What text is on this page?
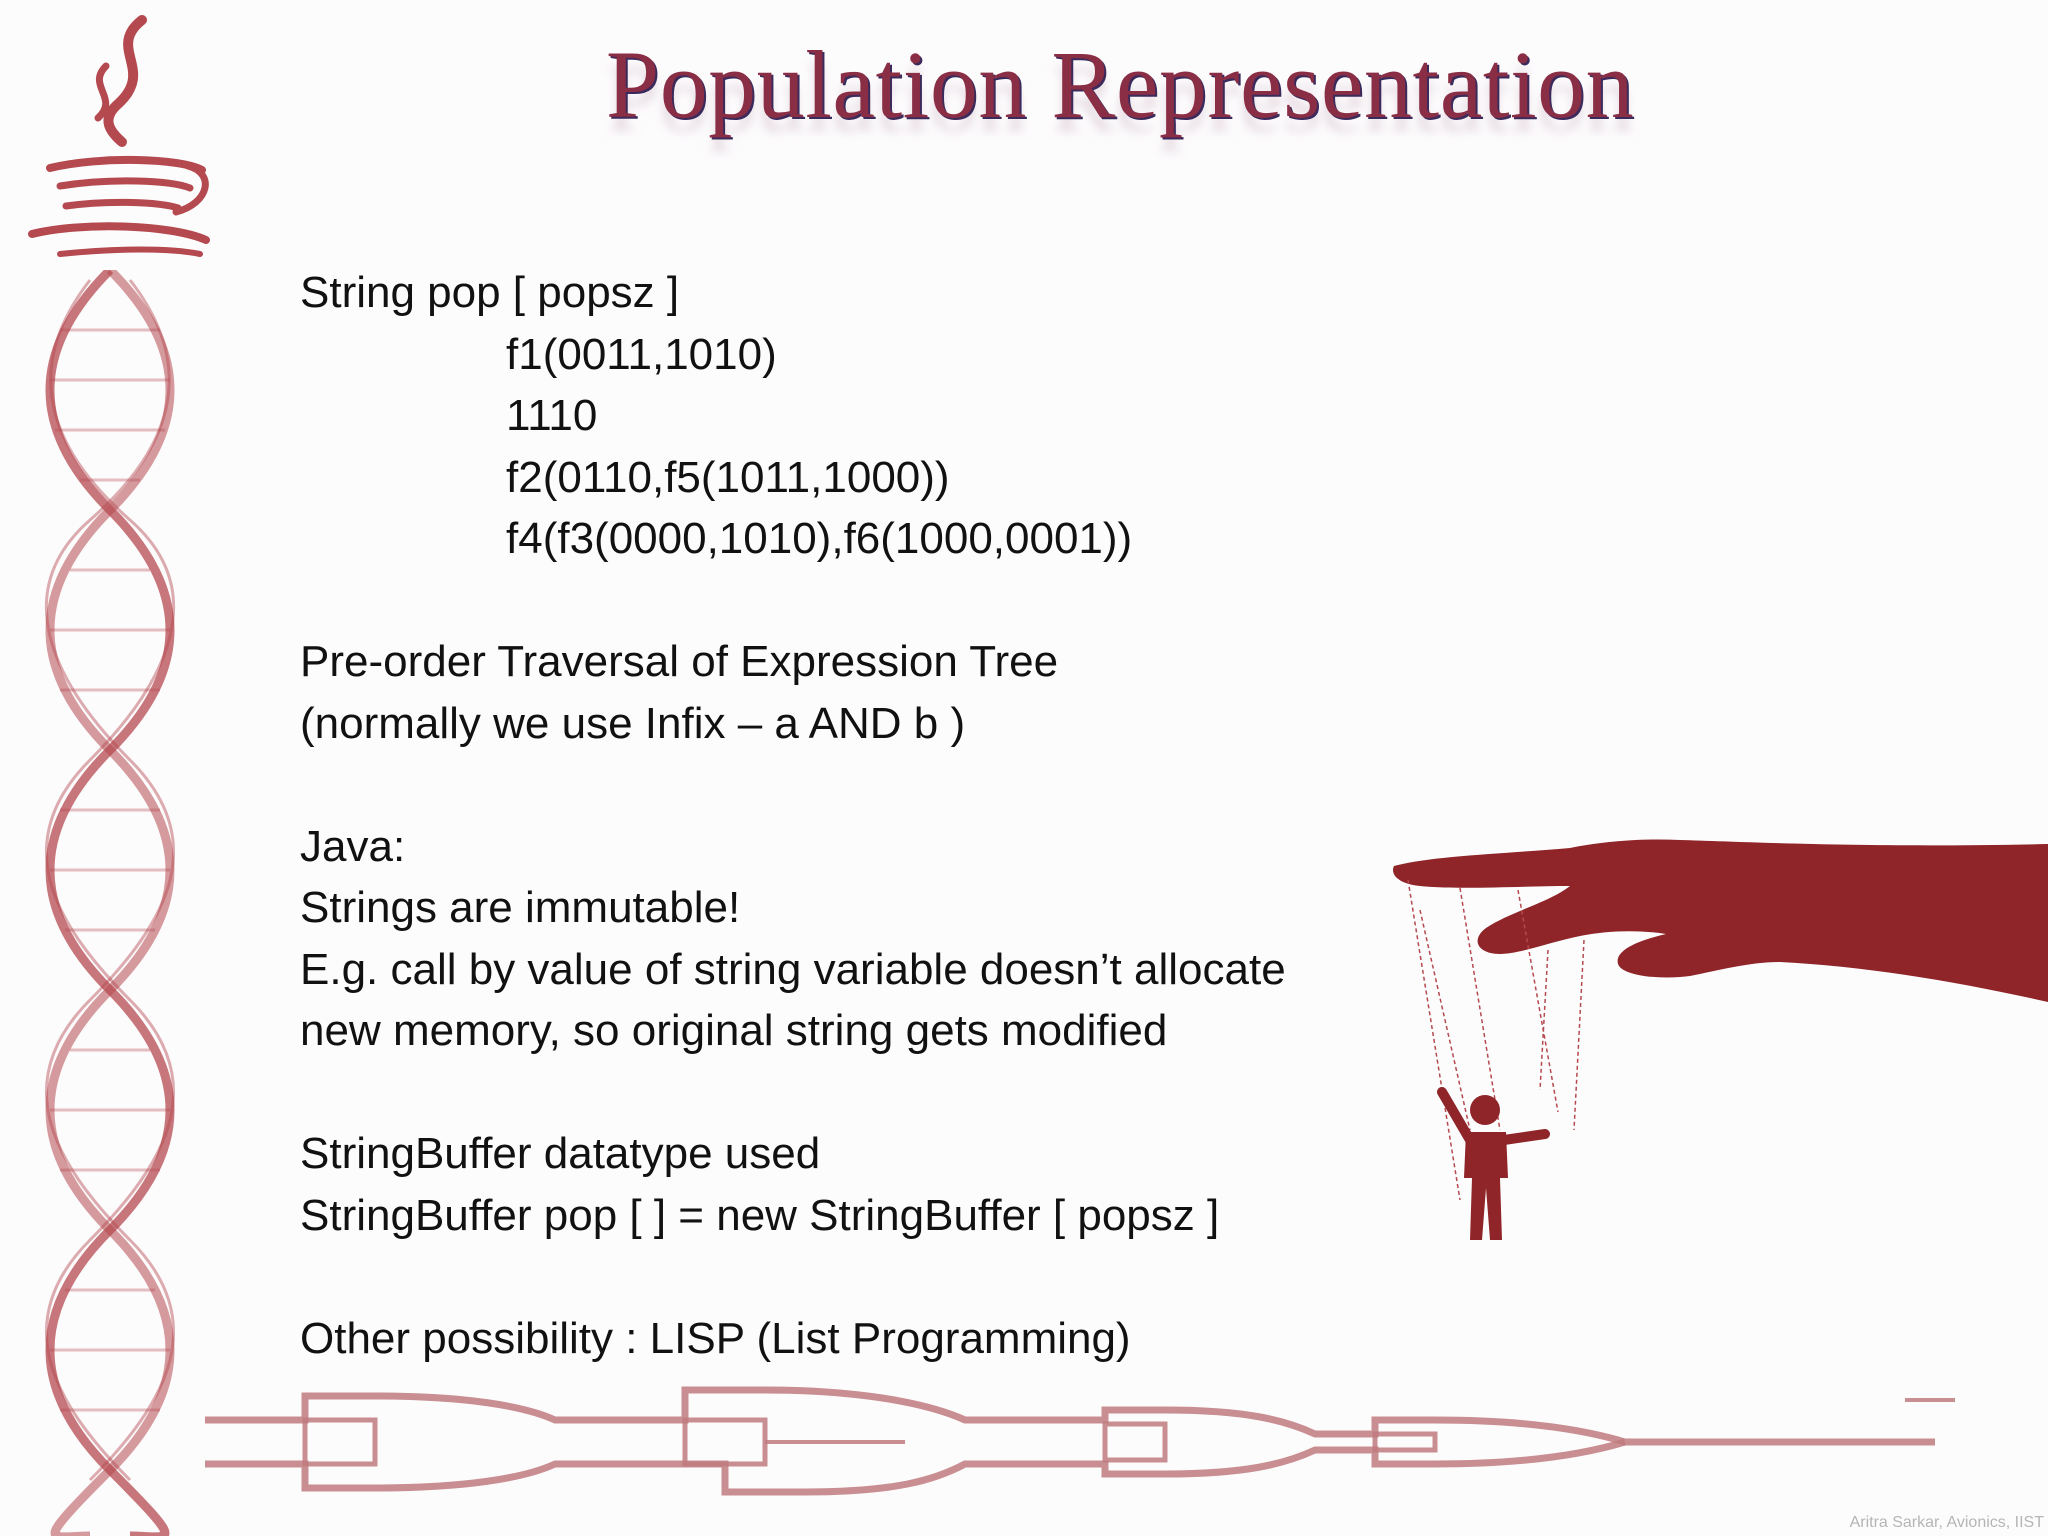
Population Representation
String pop [ popsz ]
f1(0011,1010)
1110
f2(0110,f5(1011,1000))
f4(f3(0000,1010),f6(1000,0001))
Pre-order Traversal of Expression Tree
(normally we use Infix – a AND b )
Java:
Strings are immutable!
E.g. call by value of string variable doesn’t allocate
new memory, so original string gets modified
StringBuffer datatype used
StringBuffer pop [ ] = new StringBuffer [ popsz ]
Other possibility : LISP (List Programming)
Aritra Sarkar, Avionics, IIST
